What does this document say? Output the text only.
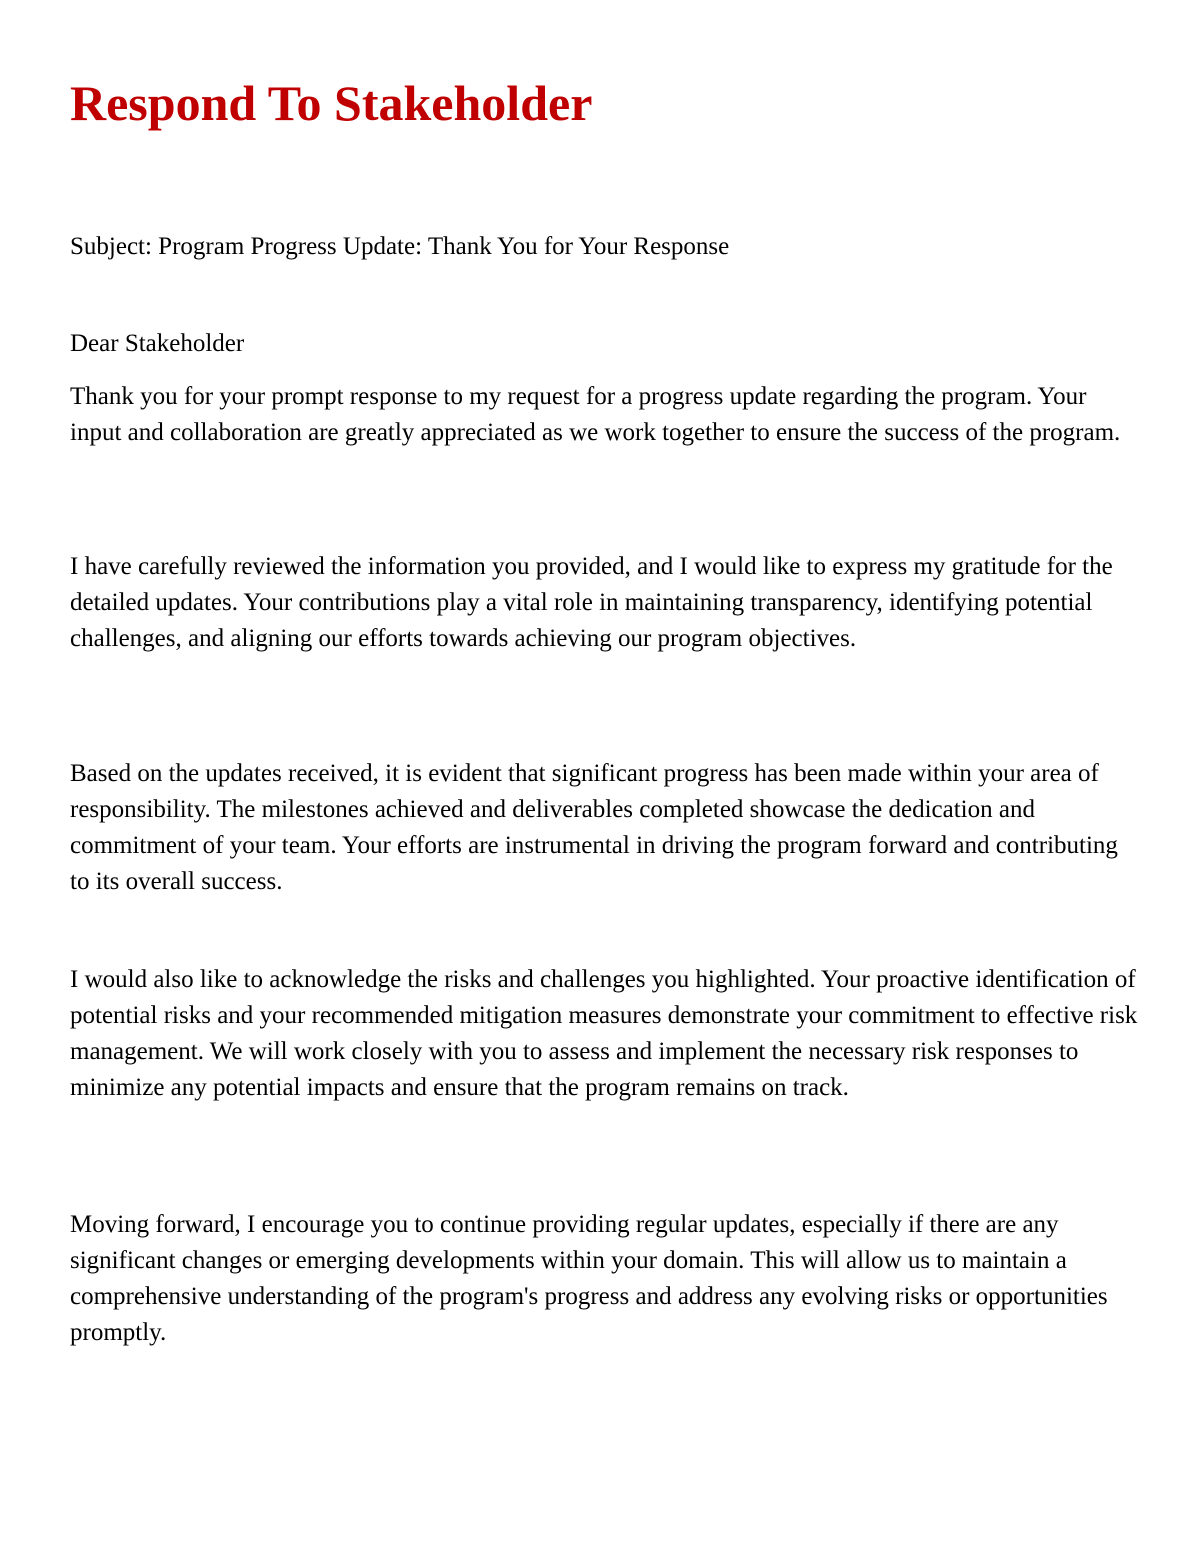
Respond To Stakeholder

Subject: Program Progress Update: Thank You for Your Response

Dear Stakeholder

Thank you for your prompt response to my request for a progress update regarding the program. Your input and collaboration are greatly appreciated as we work together to ensure the success of the program.

I have carefully reviewed the information you provided, and I would like to express my gratitude for the detailed updates. Your contributions play a vital role in maintaining transparency, identifying potential challenges, and aligning our efforts towards achieving our program objectives.

Based on the updates received, it is evident that significant progress has been made within your area of responsibility. The milestones achieved and deliverables completed showcase the dedication and commitment of your team. Your efforts are instrumental in driving the program forward and contributing to its overall success.

I would also like to acknowledge the risks and challenges you highlighted. Your proactive identification of potential risks and your recommended mitigation measures demonstrate your commitment to effective risk management. We will work closely with you to assess and implement the necessary risk responses to minimize any potential impacts and ensure that the program remains on track.

Moving forward, I encourage you to continue providing regular updates, especially if there are any significant changes or emerging developments within your domain. This will allow us to maintain a comprehensive understanding of the program's progress and address any evolving risks or opportunities promptly.
